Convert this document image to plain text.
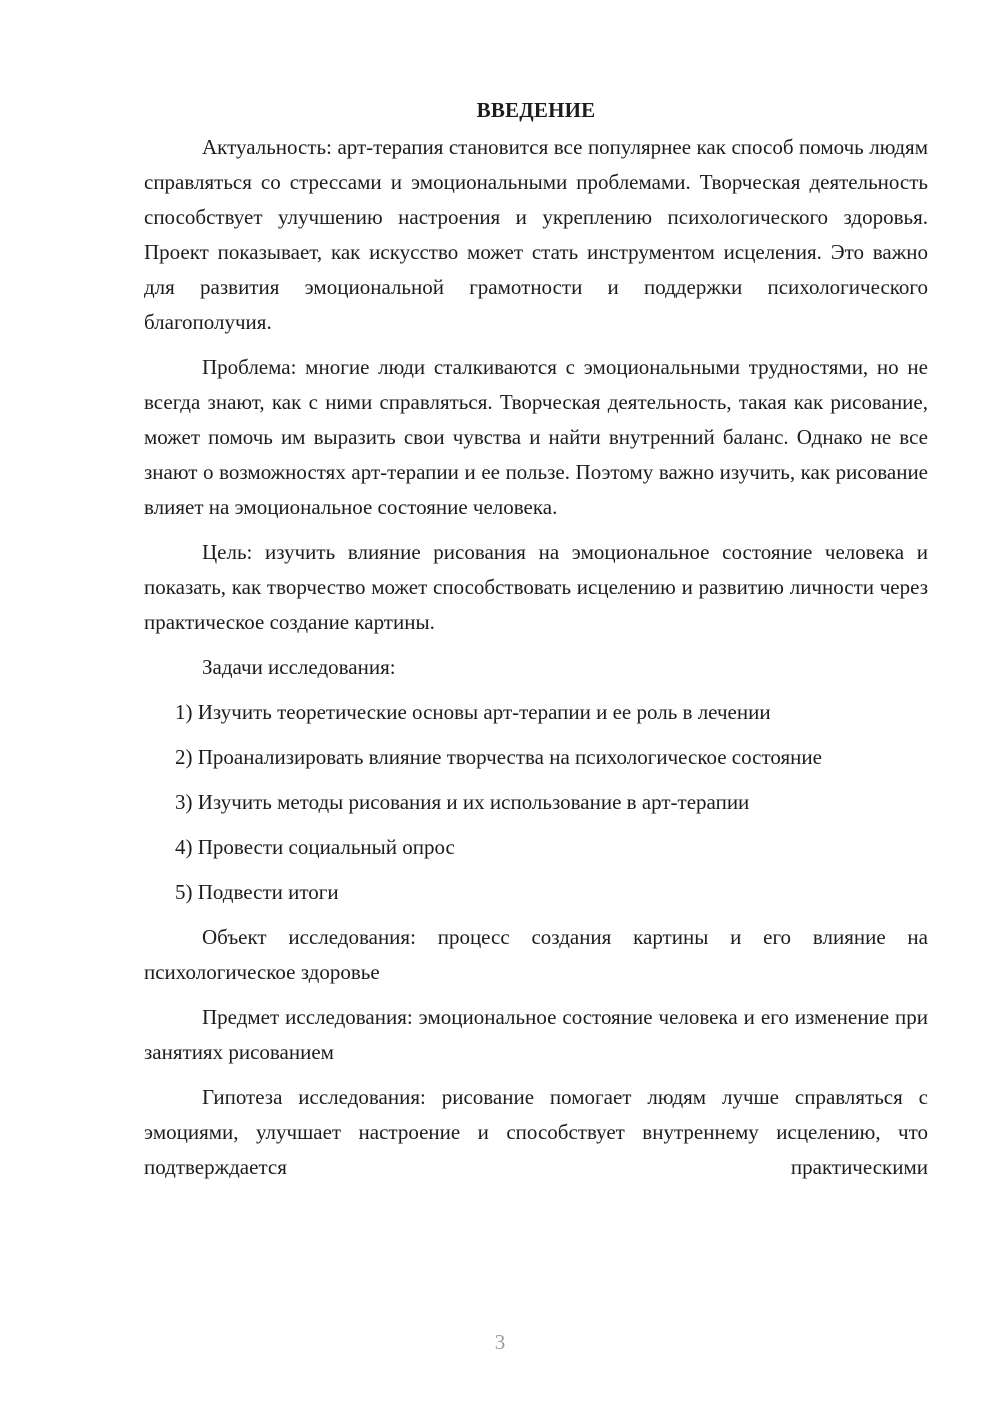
ВВЕДЕНИЕ

Актуальность: арт-терапия становится все популярнее как способ помочь людям справляться со стрессами и эмоциональными проблемами. Творческая деятельность способствует улучшению настроения и укреплению психологического здоровья. Проект показывает, как искусство может стать инструментом исцеления. Это важно для развития эмоциональной грамотности и поддержки психологического благополучия.

Проблема: многие люди сталкиваются с эмоциональными трудностями, но не всегда знают, как с ними справляться. Творческая деятельность, такая как рисование, может помочь им выразить свои чувства и найти внутренний баланс. Однако не все знают о возможностях арт-терапии и ее пользе. Поэтому важно изучить, как рисование влияет на эмоциональное состояние человека.

Цель: изучить влияние рисования на эмоциональное состояние человека и показать, как творчество может способствовать исцелению и развитию личности через практическое создание картины.

Задачи исследования:

1) Изучить теоретические основы арт-терапии и ее роль в лечении

2) Проанализировать влияние творчества на психологическое состояние

3) Изучить методы рисования и их использование в арт-терапии

4) Провести социальный опрос

5) Подвести итоги

Объект исследования: процесс создания картины и его влияние на психологическое здоровье

Предмет исследования: эмоциональное состояние человека и его изменение при занятиях рисованием

Гипотеза исследования: рисование помогает людям лучше справляться с эмоциями, улучшает настроение и способствует внутреннему исцелению, что подтверждается практическими

3
